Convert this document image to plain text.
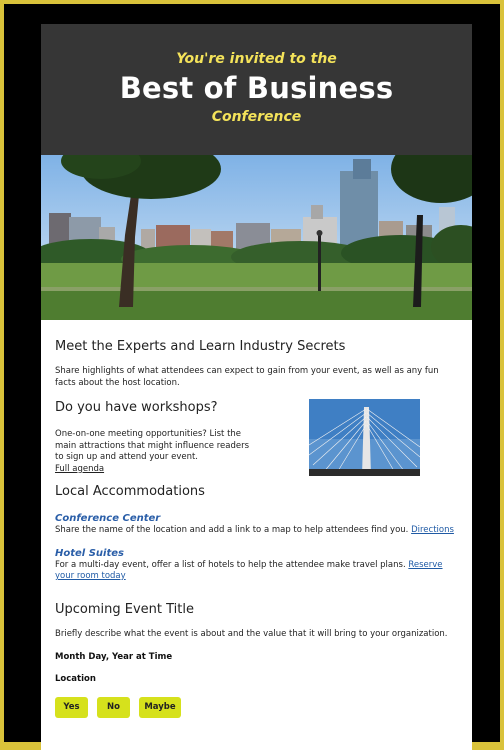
You're invited to the
Best of Business
Conference
Meet the Experts and Learn Industry Secrets

Share highlights of what attendees can expect to gain from your event, as well as any fun facts about the host location.

Do you have workshops?

One-on-one meeting opportunities? List the main attractions that might influence readers to sign up and attend your event.

Full agenda
Local Accommodations
Conference Center

Share the name of the location and add a link to a map to help attendees find you. Directions

Hotel Suites

For a multi-day event, offer a list of hotels to help the attendee make travel plans. Reserve your room today

Upcoming Event Title

Briefly describe what the event is about and the value that it will bring to your organization.

Month Day, Year at Time
Location
Yes	No	Maybe
